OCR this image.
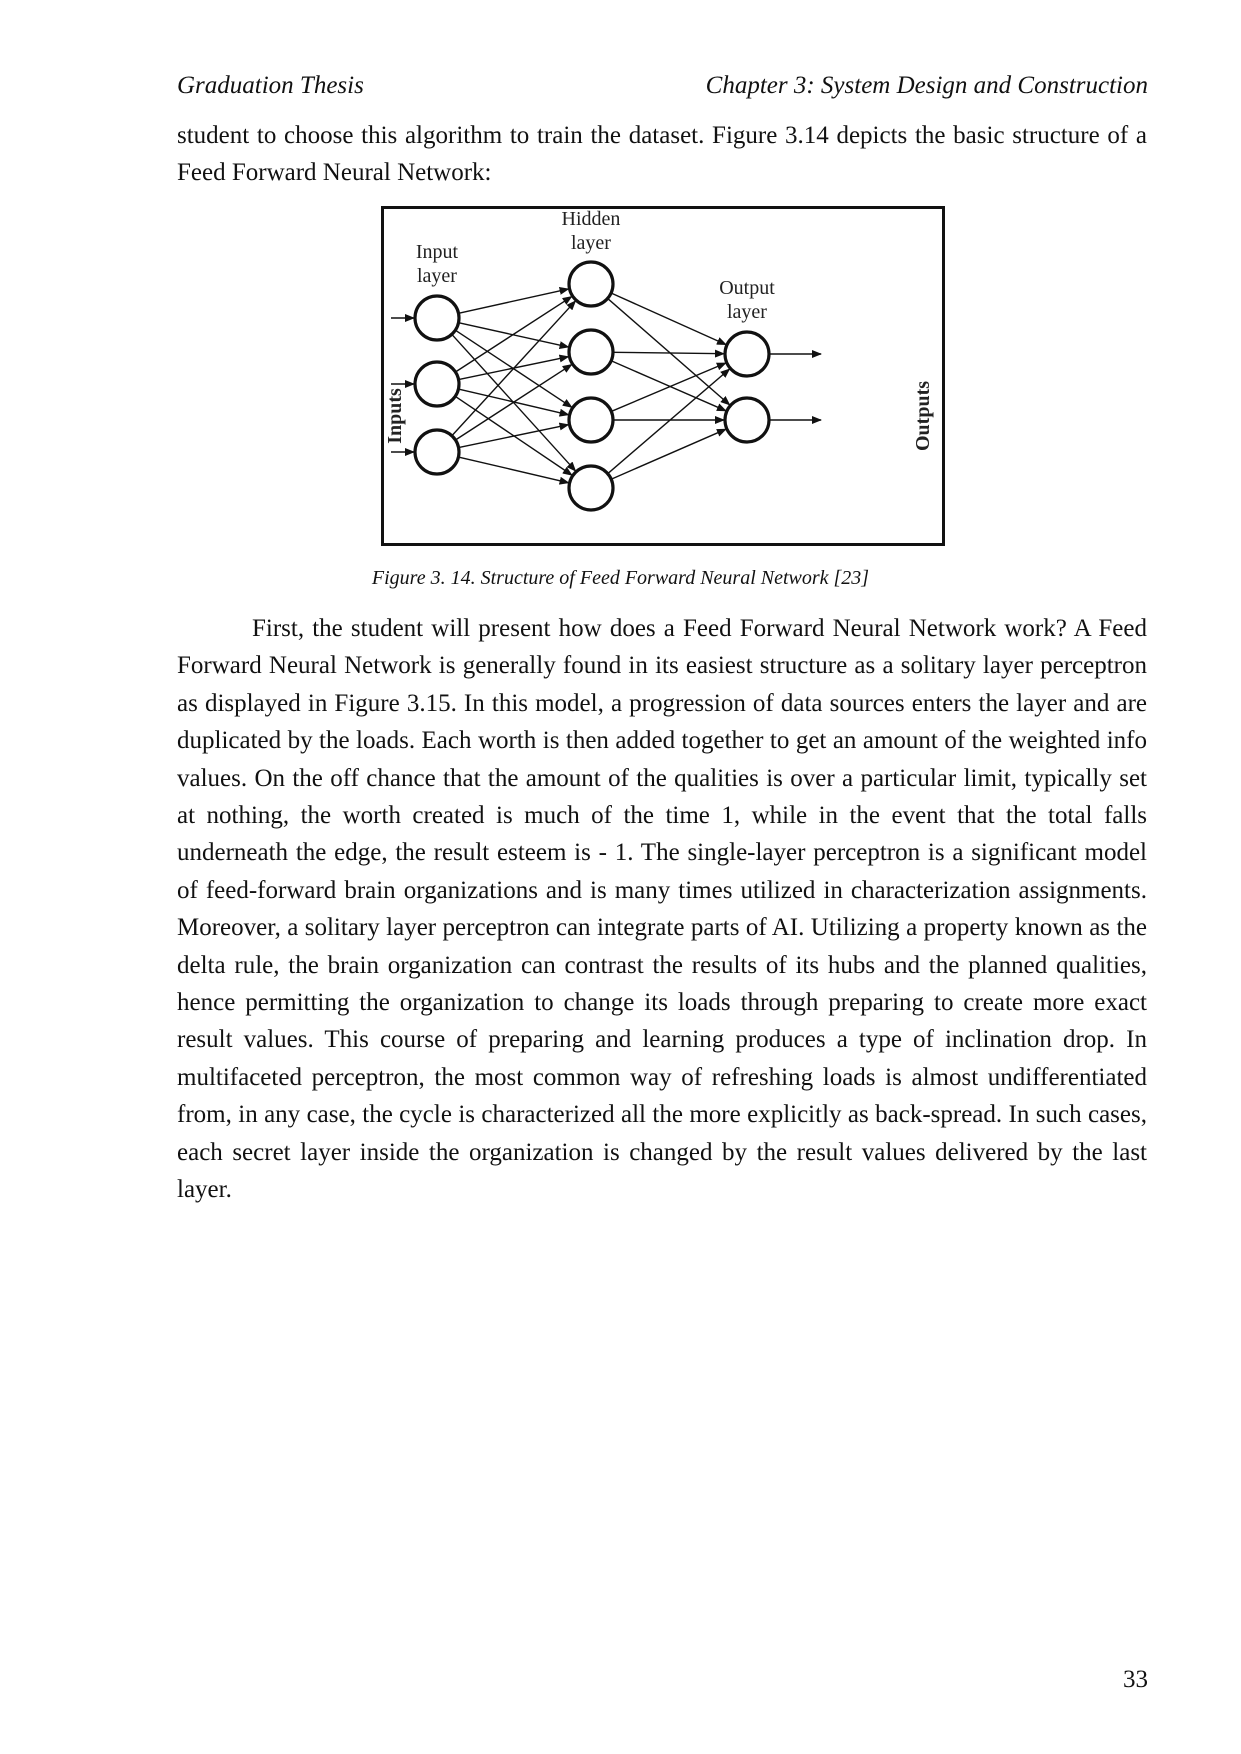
Graduation Thesis	Chapter 3: System Design and Construction

student to choose this algorithm to train the dataset. Figure 3.14 depicts the basic structure of a Feed Forward Neural Network:

Input
layer
Hidden
layer
Output
layer
Inputs	Outputs

Figure 3. 14. Structure of Feed Forward Neural Network [23]

First, the student will present how does a Feed Forward Neural Network work? A Feed Forward Neural Network is generally found in its easiest structure as a solitary layer perceptron as displayed in Figure 3.15. In this model, a progression of data sources enters the layer and are duplicated by the loads. Each worth is then added together to get an amount of the weighted info values. On the off chance that the amount of the qualities is over a particular limit, typically set at nothing, the worth created is much of the time 1, while in the event that the total falls underneath the edge, the result esteem is - 1. The single-layer perceptron is a significant model of feed-forward brain organizations and is many times utilized in characterization assignments. Moreover, a solitary layer perceptron can integrate parts of AI. Utilizing a property known as the delta rule, the brain organization can contrast the results of its hubs and the planned qualities, hence permitting the organization to change its loads through preparing to create more exact result values. This course of preparing and learning produces a type of inclination drop. In multifaceted perceptron, the most common way of refreshing loads is almost undifferentiated from, in any case, the cycle is characterized all the more explicitly as back-spread. In such cases, each secret layer inside the organization is changed by the result values delivered by the last layer.

33
